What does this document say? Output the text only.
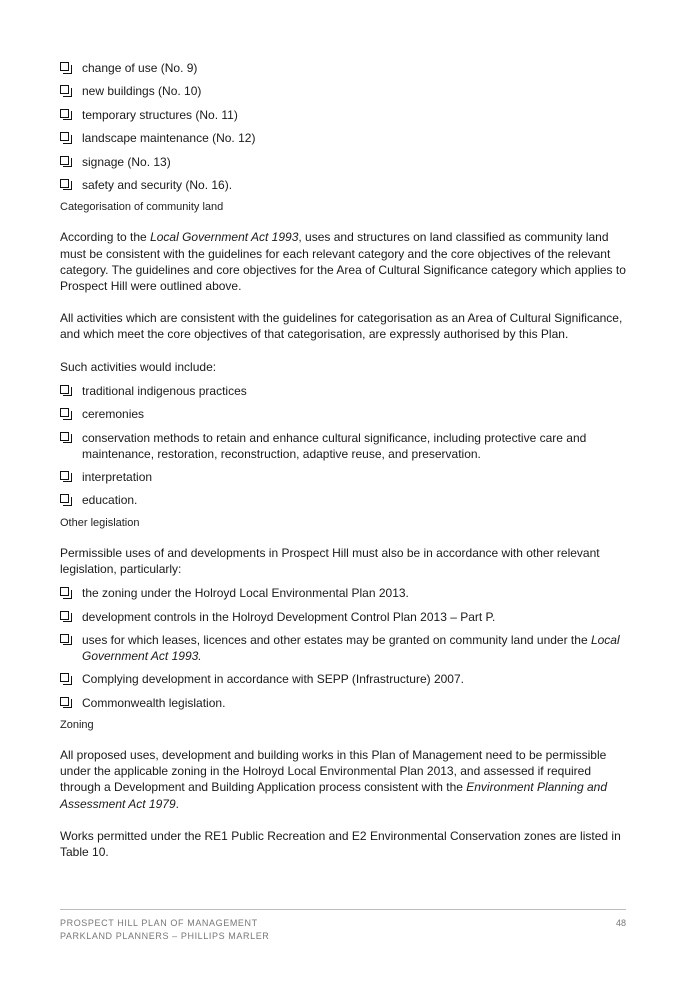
change of use (No. 9)
new buildings (No. 10)
temporary structures (No. 11)
landscape maintenance (No. 12)
signage (No. 13)
safety and security (No. 16).
Categorisation of community land

According to the Local Government Act 1993, uses and structures on land classified as community land must be consistent with the guidelines for each relevant category and the core objectives of the relevant category. The guidelines and core objectives for the Area of Cultural Significance category which applies to Prospect Hill were outlined above.

All activities which are consistent with the guidelines for categorisation as an Area of Cultural Significance, and which meet the core objectives of that categorisation, are expressly authorised by this Plan.

Such activities would include:

traditional indigenous practices
ceremonies
conservation methods to retain and enhance cultural significance, including protective care and maintenance, restoration, reconstruction, adaptive reuse, and preservation.
interpretation
education.
Other legislation

Permissible uses of and developments in Prospect Hill must also be in accordance with other relevant legislation, particularly:

the zoning under the Holroyd Local Environmental Plan 2013.
development controls in the Holroyd Development Control Plan 2013 – Part P.
uses for which leases, licences and other estates may be granted on community land under the Local Government Act 1993.
Complying development in accordance with SEPP (Infrastructure) 2007.
Commonwealth legislation.
Zoning

All proposed uses, development and building works in this Plan of Management need to be permissible under the applicable zoning in the Holroyd Local Environmental Plan 2013, and assessed if required through a Development and Building Application process consistent with the Environment Planning and Assessment Act 1979.

Works permitted under the RE1 Public Recreation and E2 Environmental Conservation zones are listed in Table 10.

PROSPECT HILL PLAN OF MANAGEMENT
PARKLAND PLANNERS – PHILLIPS MARLER
48
